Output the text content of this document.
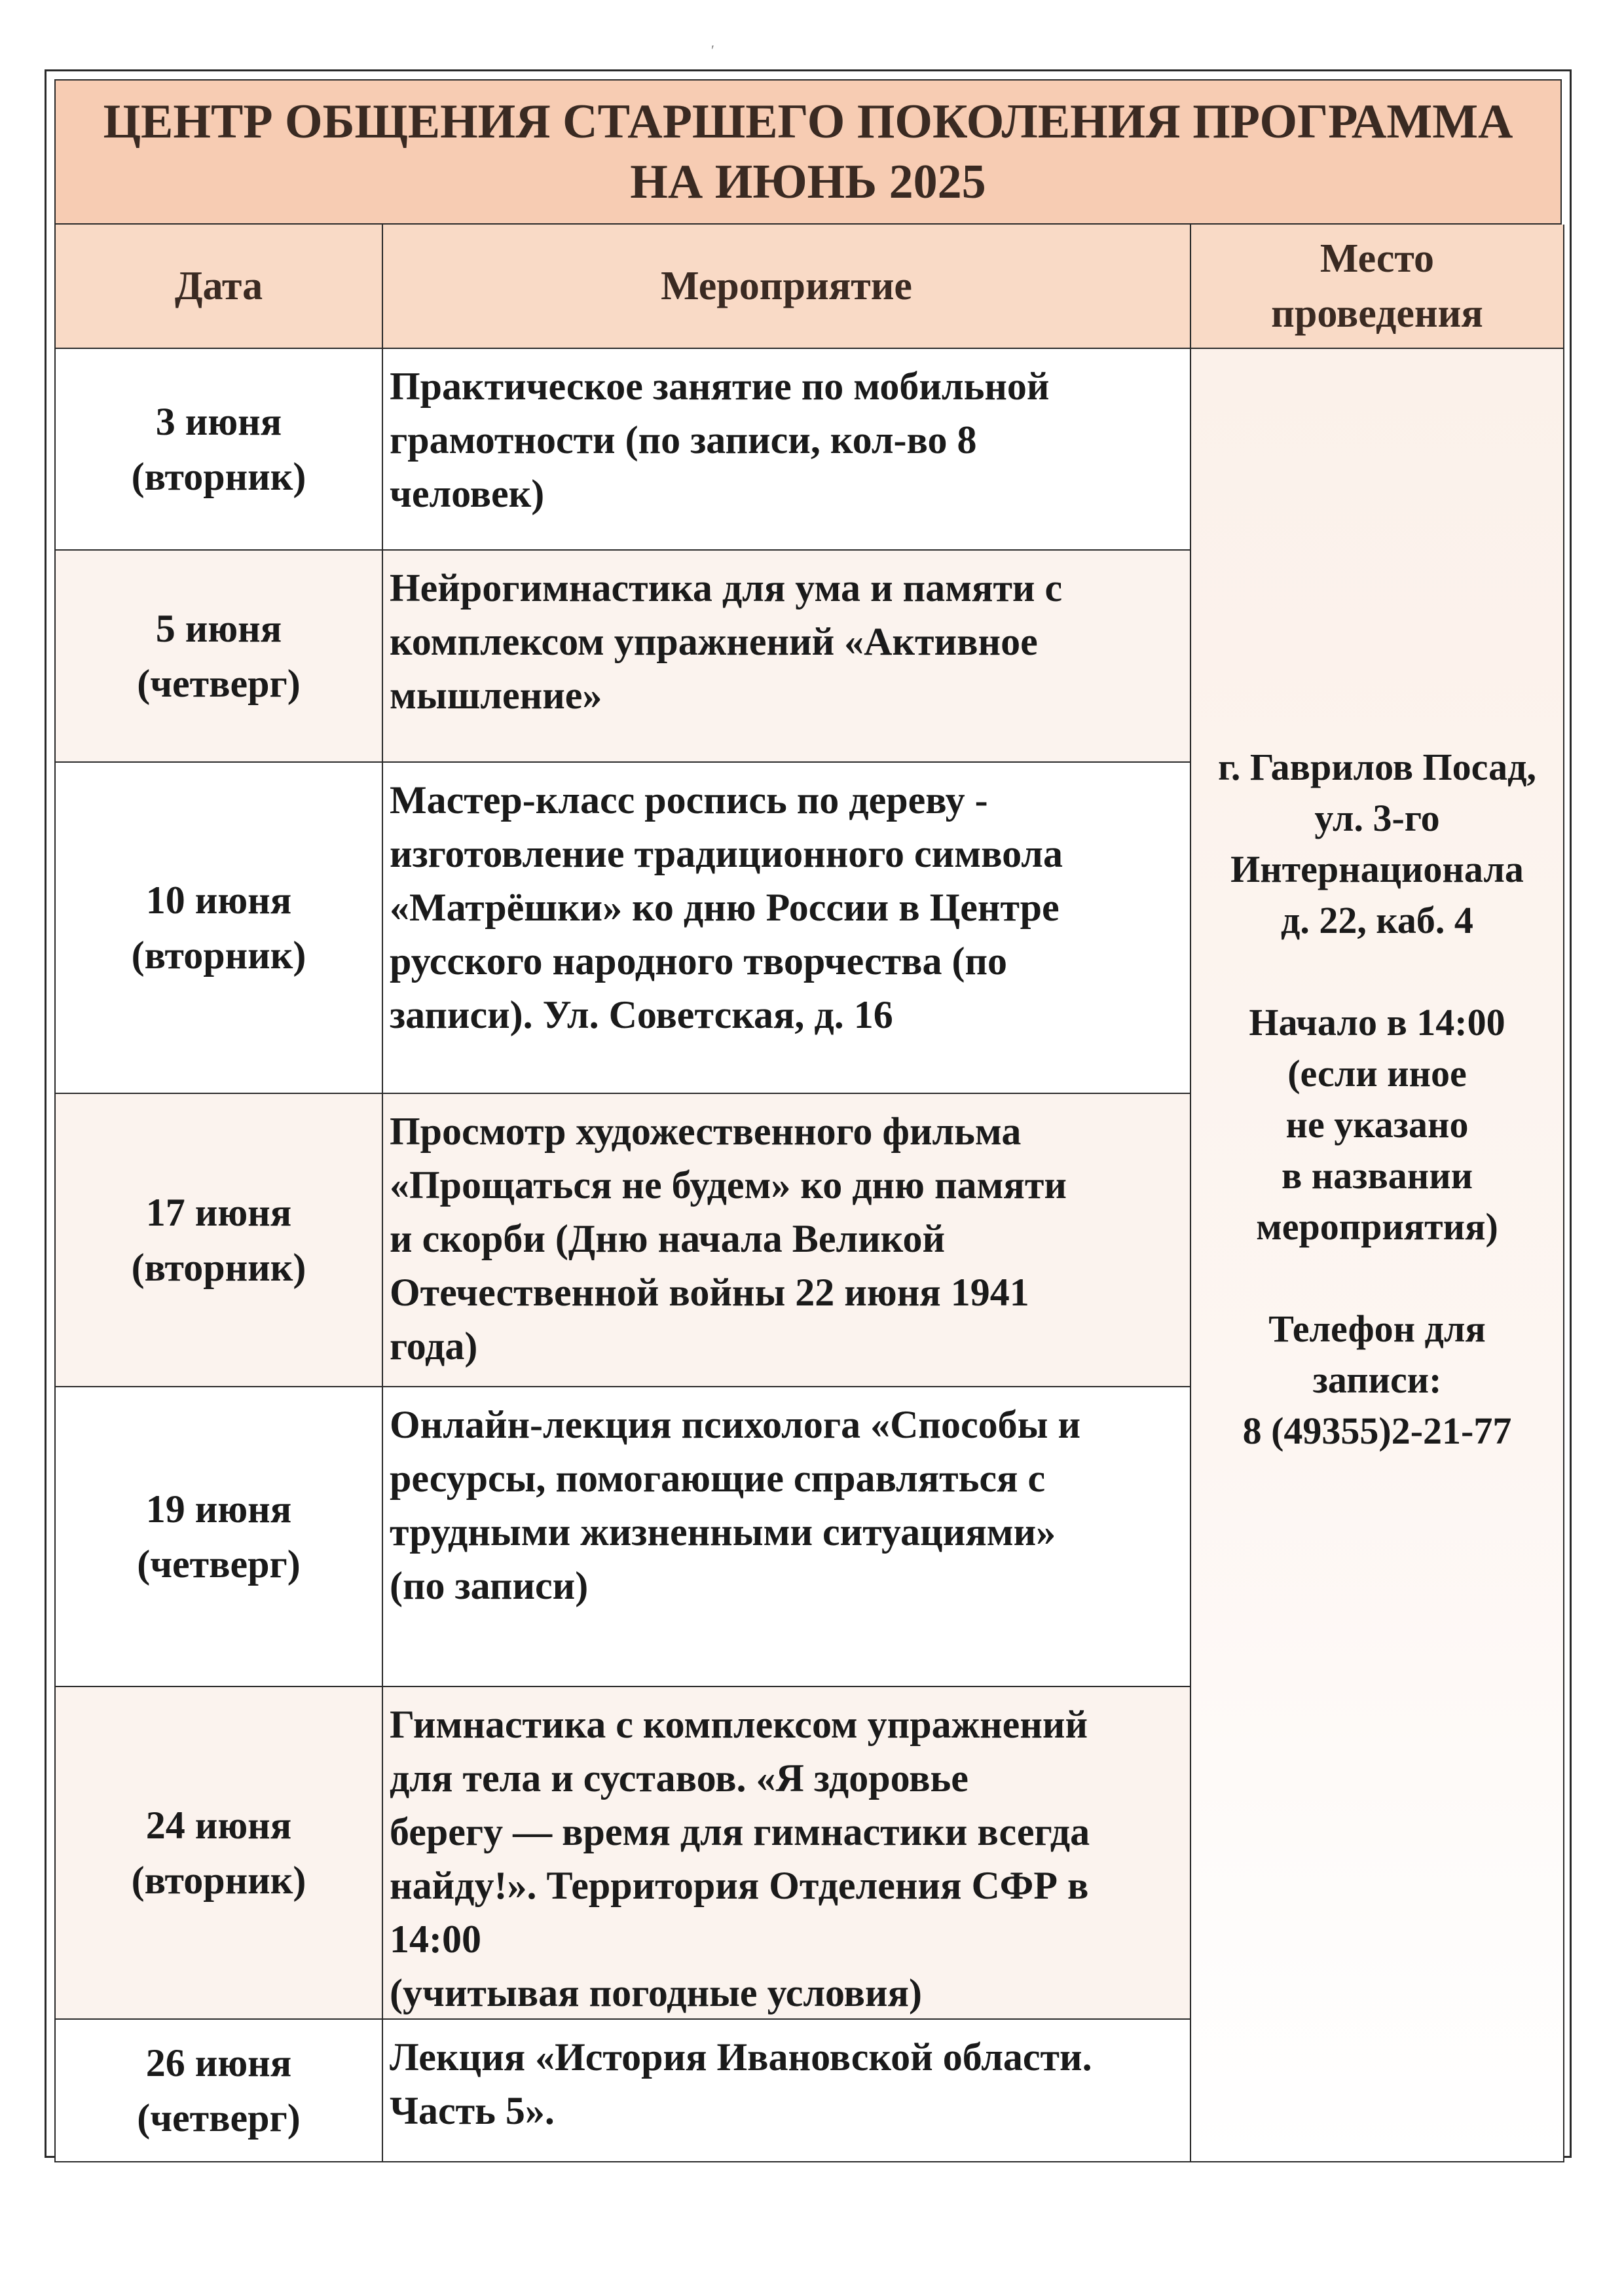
′
ЦЕНТР ОБЩЕНИЯ СТАРШЕГО ПОКОЛЕНИЯ ПРОГРАММА
НА ИЮНЬ 2025
Дата	Мероприятие
Место
проведения
3 июня
(вторник)
Практическое занятие по мобильной
грамотности (по записи, кол-во 8
человек)
5 июня
(четверг)
Нейрогимнастика для ума и памяти с
комплексом упражнений «Активное
мышление»
10 июня
(вторник)
Мастер-класс роспись по дереву -
изготовление традиционного символа
«Матрёшки» ко дню России в Центре
русского народного творчества (по
записи). Ул. Советская, д. 16
17 июня
(вторник)
Просмотр художественного фильма
«Прощаться не будем» ко дню памяти
и скорби (Дню начала Великой
Отечественной войны 22 июня 1941
года)
19 июня
(четверг)
Онлайн-лекция психолога «Способы и
ресурсы, помогающие справляться с
трудными жизненными ситуациями»
(по записи)
24 июня
(вторник)
Гимнастика с комплексом упражнений
для тела и суставов. «Я здоровье
берегу — время для гимнастики всегда
найду!». Территория Отделения СФР в
14:00
(учитывая погодные условия)
26 июня
(четверг)
Лекция «История Ивановской области.
Часть 5».
г. Гаврилов Посад,
ул. 3-го
Интернационала
д. 22, каб. 4
Начало в 14:00
(если иное
не указано
в названии
мероприятия)
Телефон для
записи:
8 (49355)2-21-77
